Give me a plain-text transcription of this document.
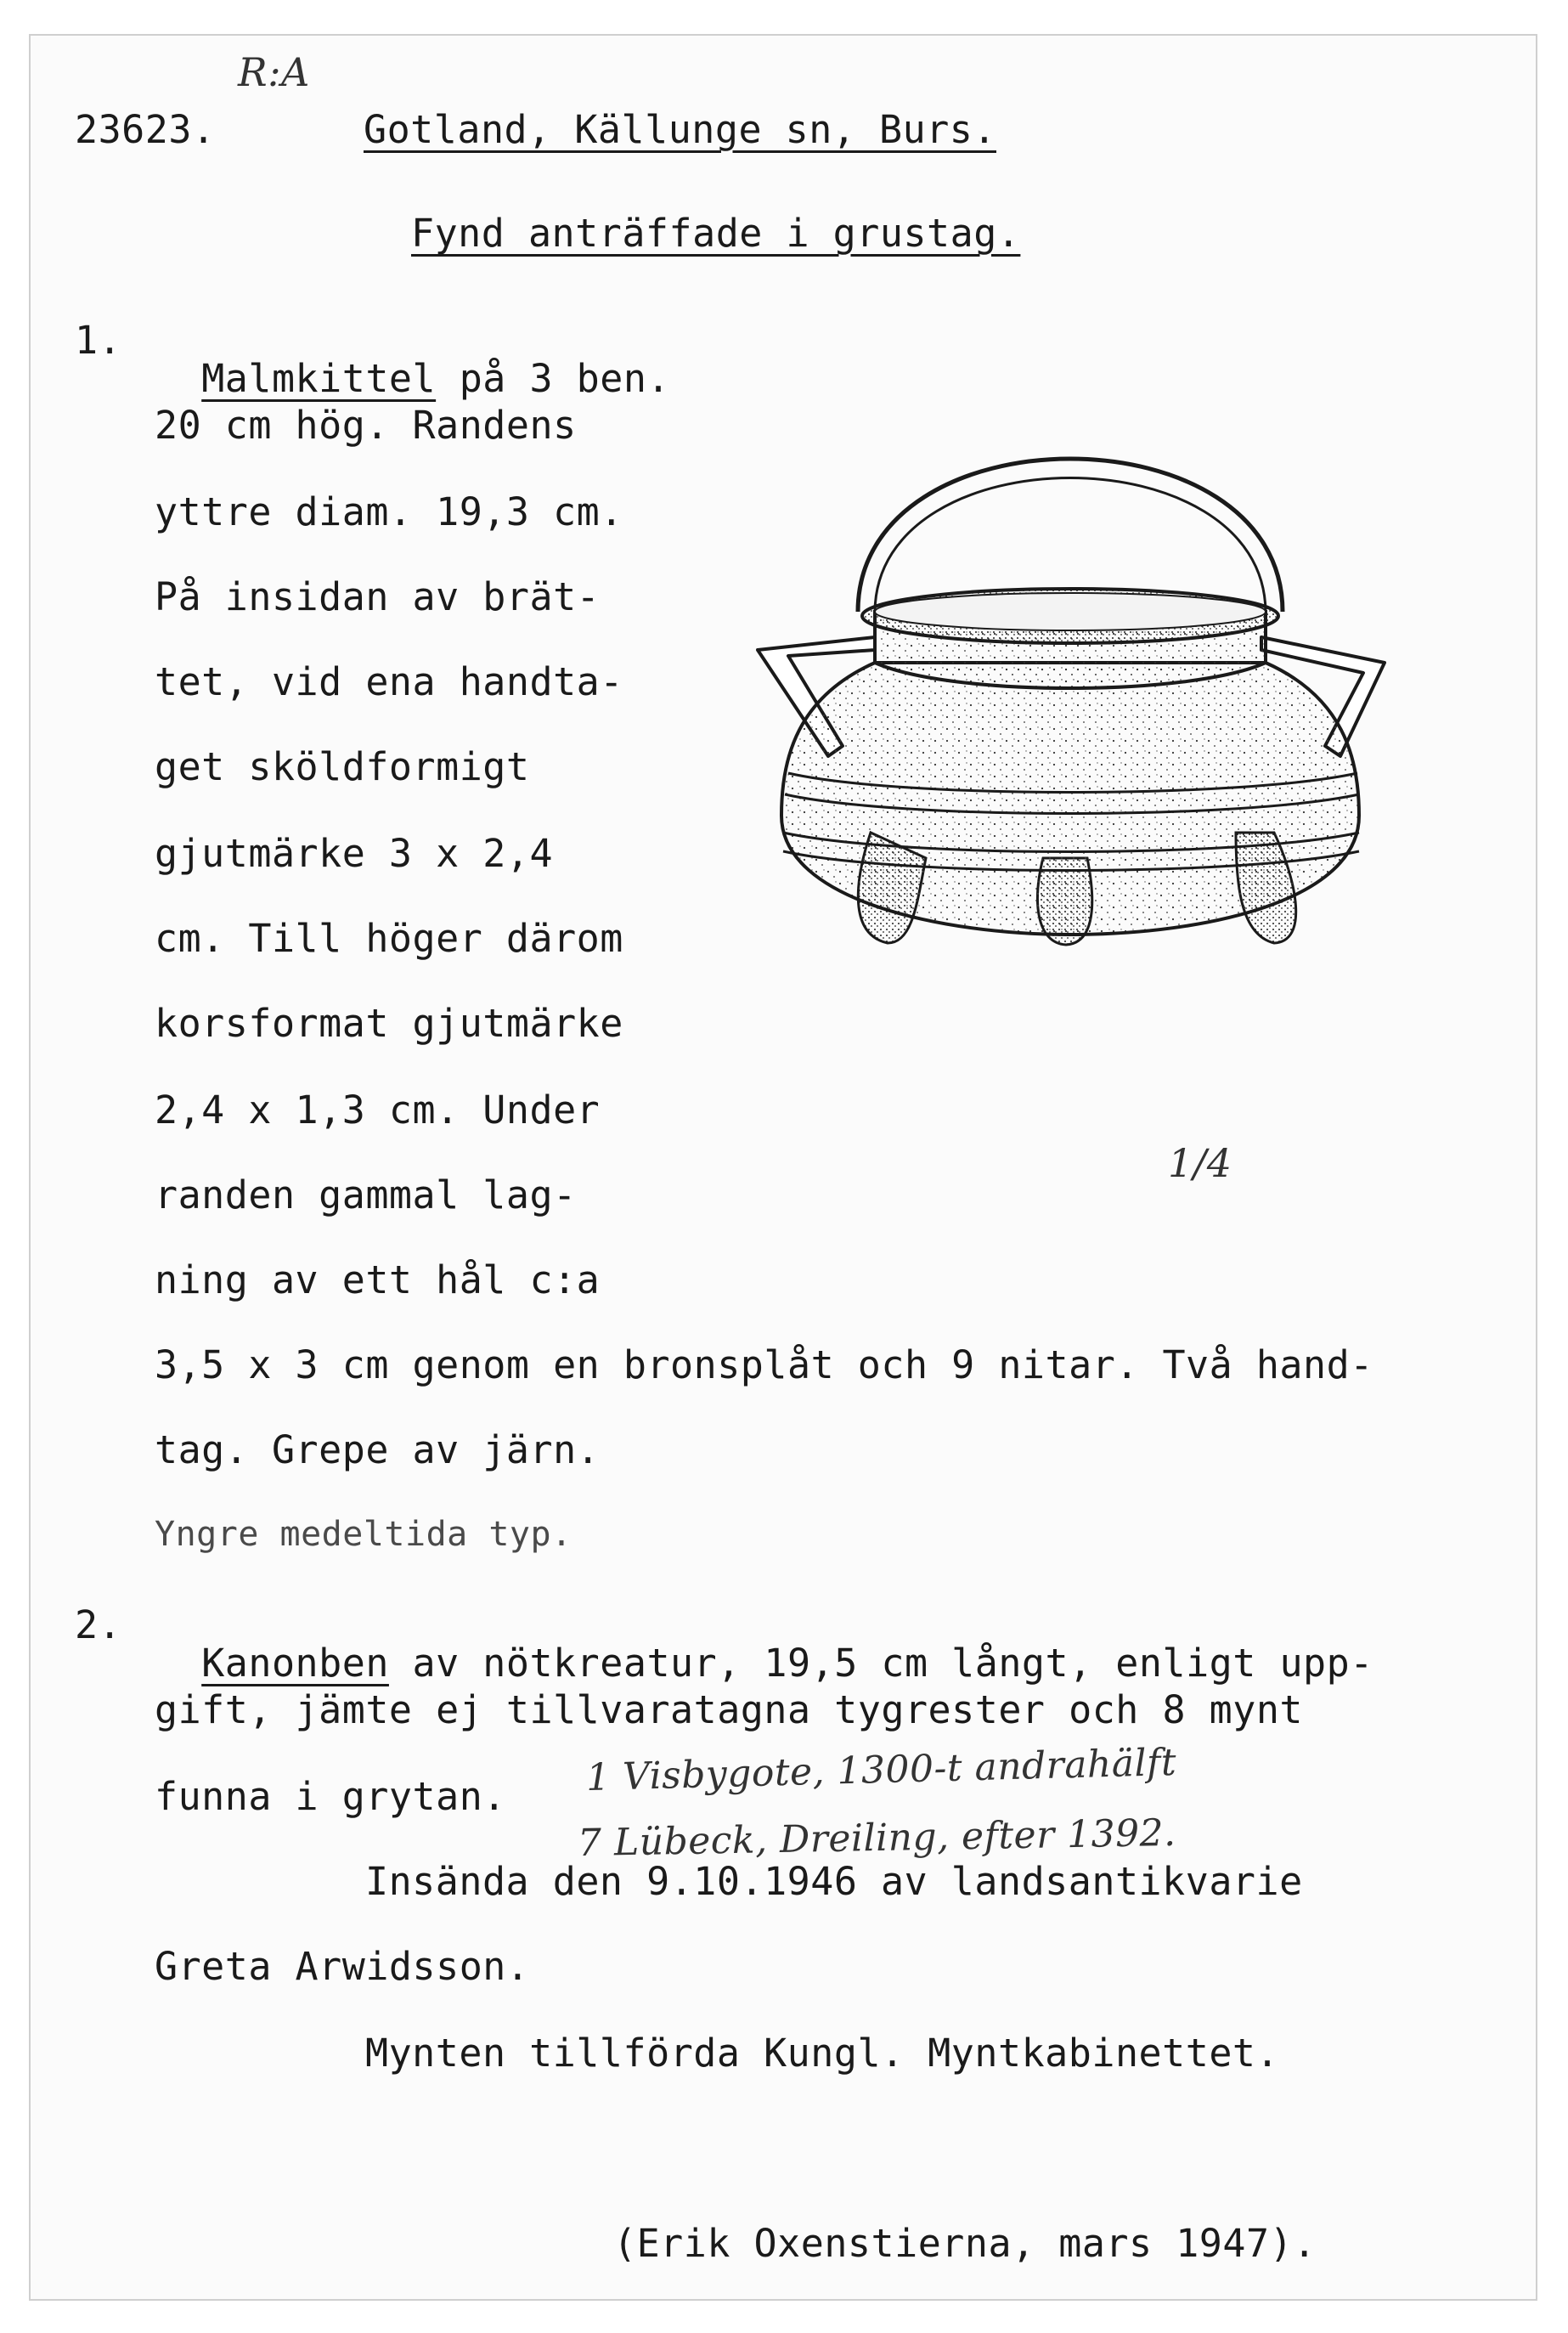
R:A
23623.	Gotland, Källunge sn, Burs.
Fynd anträffade i grustag.
1.

Malmkittel på 3 ben.

20 cm hög. Randens
yttre diam. 19,3 cm.
På insidan av brät-
tet, vid ena handta-
get sköldformigt
gjutmärke 3 x 2,4
cm. Till höger därom
korsformat gjutmärke
2,4 x 1,3 cm. Under
randen gammal lag-
ning av ett hål c:a
3,5 x 3 cm genom en bronsplåt och 9 nitar. Två hand-
tag. Grepe av järn.
Yngre medeltida typ.
1/4
2.

Kanonben av nötkreatur, 19,5 cm långt, enligt upp-

gift, jämte ej tillvaratagna tygrester och 8 mynt
funna i grytan. 1 Visbygote, 1300-t andrahälft
7 Lübeck, Dreiling, efter 1392.
Insända den 9.10.1946 av landsantikvarie
Greta Arwidsson.
Mynten tillförda Kungl. Myntkabinettet.
(Erik Oxenstierna, mars 1947).
